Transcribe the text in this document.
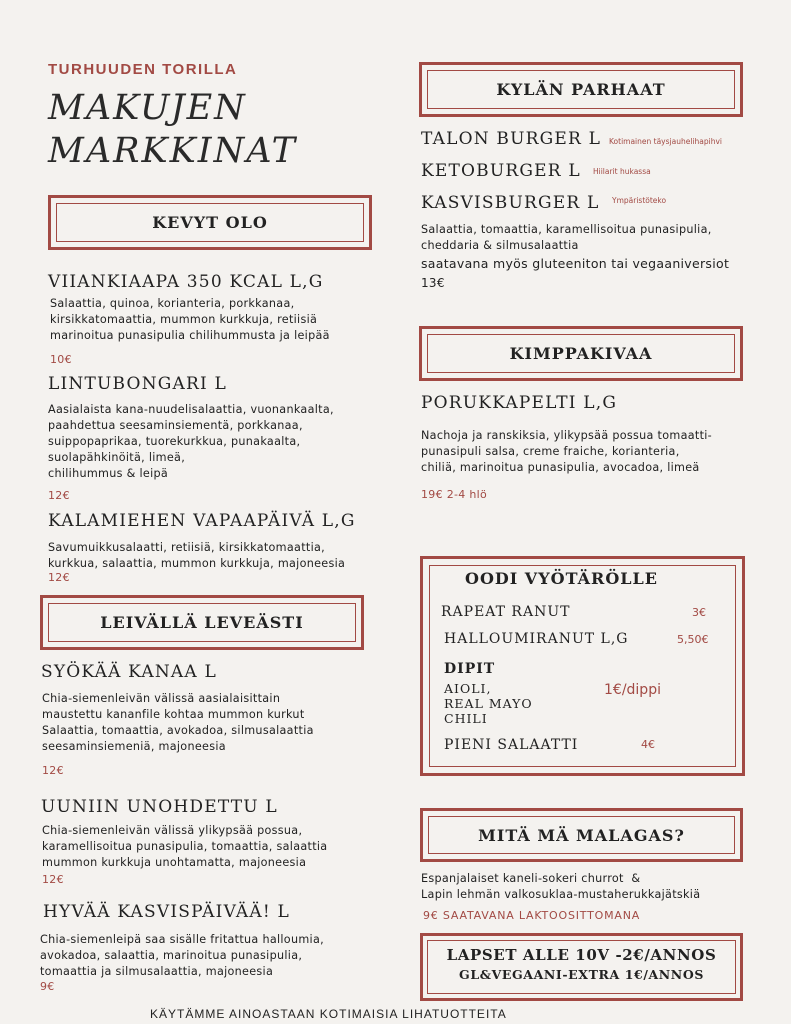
TURHUUDEN TORILLA
MAKUJEN
MARKKINAT
KEVYT OLO
VIIANKIAAPA 350 KCAL L,G
Salaattia, quinoa, korianteria, porkkanaa,
kirsikkatomaattia, mummon kurkkuja, retiisiä
marinoitua punasipulia chilihummusta ja leipää
10€
LINTUBONGARI L
Aasialaista kana-nuudelisalaattia, vuonankaalta,
paahdettua seesaminsiementä, porkkanaa,
suippopaprikaa, tuorekurkkua, punakaalta,
suolapähkinöitä, limeä,
chilihummus & leipä
12€
KALAMIEHEN VAPAAPÄIVÄ L,G
Savumuikkusalaatti, retiisiä, kirsikkatomaattia,
kurkkua, salaattia, mummon kurkkuja, majoneesia
12€
LEIVÄLLÄ LEVEÄSTI
SYÖKÄÄ KANAA L
Chia-siemenleivän välissä aasialaisittain
maustettu kananfile kohtaa mummon kurkut
Salaattia, tomaattia, avokadoa, silmusalaattia
seesaminsiemeniä, majoneesia
12€
UUNIIN UNOHDETTU L
Chia-siemenleivän välissä ylikypsää possua,
karamellisoitua punasipulia, tomaattia, salaattia
mummon kurkkuja unohtamatta, majoneesia
12€
HYVÄÄ KASVISPÄIVÄÄ! L
Chia-siemenleipä saa sisälle fritattua halloumia,
avokadoa, salaattia, marinoitua punasipulia,
tomaattia ja silmusalaattia, majoneesia
9€
KYLÄN PARHAAT
TALON BURGER L Kotimainen täysjauhelihapihvi
KETOBURGER L Hiilarit hukassa
KASVISBURGER L Ympäristöteko
Salaattia, tomaattia, karamellisoitua punasipulia,
cheddaria & silmusalaattia
saatavana myös gluteeniton tai vegaaniversiot
13€
KIMPPAKIVAA
PORUKKAPELTI L,G
Nachoja ja ranskiksia, ylikypsää possua tomaatti-
punasipuli salsa, creme fraiche, korianteria,
chiliä, marinoitua punasipulia, avocadoa, limeä
19€ 2-4 hlö
OODI VYÖTÄRÖLLE
RAPEAT RANUT	3€
HALLOUMIRANUT L,G	5,50€
DIPIT
AIOLI,
REAL MAYO
CHILI
1€/dippi
PIENI SALAATTI	4€
MITÄ MÄ MALAGAS?
Espanjalaiset kaneli-sokeri churrot  &
Lapin lehmän valkosuklaa-mustaherukkajätskiä
9€ SAATAVANA LAKTOOSITTOMANA
LAPSET ALLE 10V -2€/ANNOS
GL&VEGAANI-EXTRA 1€/ANNOS
KÄYTÄMME AINOASTAAN KOTIMAISIA LIHATUOTTEITA
